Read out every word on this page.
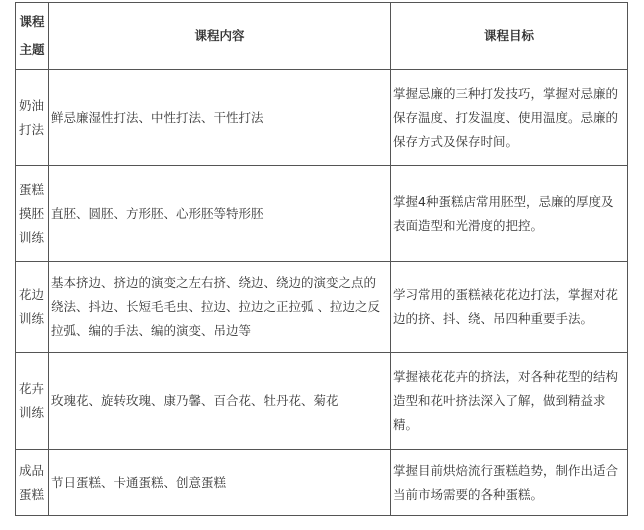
课程主题	课程内容	课程目标
奶油打法	鲜忌廉湿性打法、中性打法、干性打法	掌握忌廉的三种打发技巧，掌握对忌廉的保存温度、打发温度、使用温度。忌廉的保存方式及保存时间。
蛋糕摸胚训练	直胚、圆胚、方形胚、心形胚等特形胚	掌握4种蛋糕店常用胚型，忌廉的厚度及表面造型和光滑度的把控。
花边训练	基本挤边、挤边的演变之左右挤、绕边、绕边的演变之点的绕法、抖边、长短毛毛虫、拉边、拉边之正拉弧 、拉边之反拉弧、编的手法、编的演变、吊边等	学习常用的蛋糕裱花花边打法，掌握对花边的挤、抖、绕、吊四种重要手法。
花卉训练	玫瑰花、旋转玫瑰、康乃馨、百合花、牡丹花、菊花	掌握裱花花卉的挤法，对各种花型的结构造型和花叶挤法深入了解，做到精益求精。
成品蛋糕	节日蛋糕、卡通蛋糕、创意蛋糕	掌握目前烘焙流行蛋糕趋势，制作出适合当前市场需要的各种蛋糕。
